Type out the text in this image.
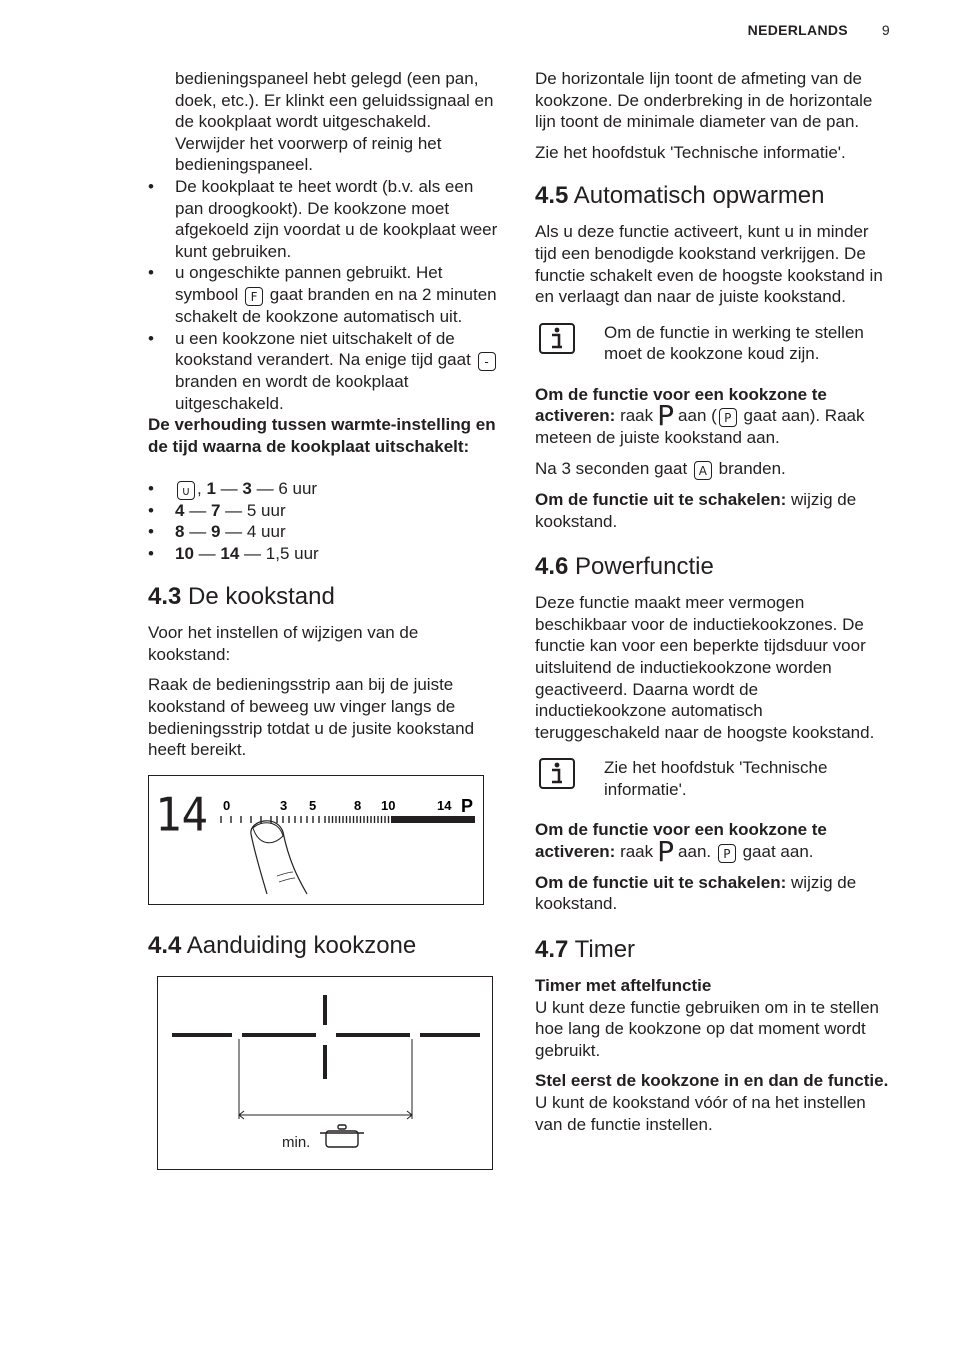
NEDERLANDS 9
bedieningspaneel hebt gelegd (een pan, doek, etc.). Er klinkt een geluidssignaal en de kookplaat wordt uitgeschakeld. Verwijder het voorwerp of reinig het bedieningspaneel.
• De kookplaat te heet wordt (b.v. als een pan droogkookt). De kookzone moet afgekoeld zijn voordat u de kookplaat weer kunt gebruiken.
• u ongeschikte pannen gebruikt. Het symbool F gaat branden en na 2 minuten schakelt de kookzone automatisch uit.
• u een kookzone niet uitschakelt of de kookstand verandert. Na enige tijd gaat - branden en wordt de kookplaat uitgeschakeld.

De verhouding tussen warmte-instelling en de tijd waarna de kookplaat uitschakelt:

• ∪ , 1 — 3 — 6 uur
• 4 — 7 — 5 uur
• 8 — 9 — 4 uur
• 10 — 14 — 1,5 uur
4.3 De kookstand

Voor het instellen of wijzigen van de kookstand:

Raak de bedieningsstrip aan bij de juiste kookstand of beweeg uw vinger langs de bedieningsstrip totdat u de jusite kookstand heeft bereikt.

14 0	3 5	8 10	14 P
4.4 Aanduiding kookzone
min.

De horizontale lijn toont de afmeting van de kookzone. De onderbreking in de horizontale lijn toont de minimale diameter van de pan.

Zie het hoofdstuk 'Technische informatie'.

4.5 Automatisch opwarmen

Als u deze functie activeert, kunt u in minder tijd een benodigde kookstand verkrijgen. De functie schakelt even de hoogste kookstand in en verlaagt dan naar de juiste kookstand.

Om de functie in werking te stellen moet de kookzone koud zijn.

Om de functie voor een kookzone te activeren: raak P aan ( P gaat aan). Raak meteen de juiste kookstand aan.

Na 3 seconden gaat A branden.

Om de functie uit te schakelen: wijzig de kookstand.

4.6 Powerfunctie

Deze functie maakt meer vermogen beschikbaar voor de inductiekookzones. De functie kan voor een beperkte tijdsduur voor uitsluitend de inductiekookzone worden geactiveerd. Daarna wordt de inductiekookzone automatisch teruggeschakeld naar de hoogste kookstand.

Zie het hoofdstuk 'Technische informatie'.

Om de functie voor een kookzone te activeren: raak P aan. P gaat aan.

Om de functie uit te schakelen: wijzig de kookstand.

4.7 Timer

Timer met aftelfunctie
U kunt deze functie gebruiken om in te stellen hoe lang de kookzone op dat moment wordt gebruikt.

Stel eerst de kookzone in en dan de functie. U kunt de kookstand vóór of na het instellen van de functie instellen.
